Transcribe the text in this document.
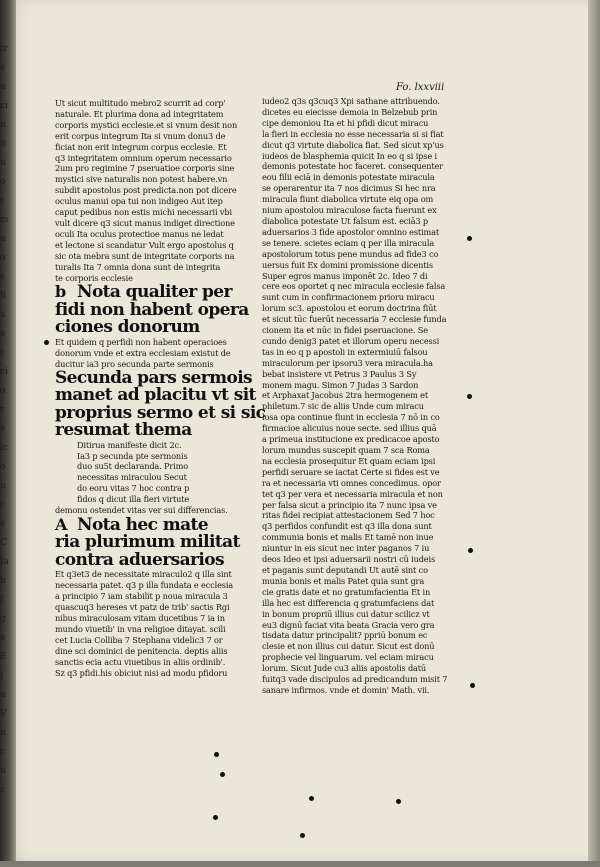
tr
e
n
ci
n
it
u
o
r
m
n
o
s
fi
a
e
r
ci
o
r
e
ic
o
u
c
e
C
fa
b
f
g
e
E
l
n
V
n
c
u
c
Fo. lxxviii
Ut sicut multitudo mebro2 scurrit ad corp'
naturale. Et plurima dona ad integritatem
corporis mystici ecclesie.et si vnum desit non
erit corpus integrum Ita si vnum donu3 de
ficiat non erit integrum corpus ecclesie. Et
q3 integritatem omnium operum necessario
2um pro regimine 7 pseruatioe corporis sine
mystici sive naturalis non potest habere.vn
subdit apostolus post predicta.non pot dicere
oculus manui opa tui non indigeo Aut itep
caput pedibus non estis michi necessarii vbi
vult dicere q3 sicut manus indiget directione
oculi Ita oculus protectioe manus ne ledat
et lectone si scandatur Vult ergo apostolus q
sic ota mebra sunt de integritate corporis na
turalis Ita 7 omnia dona sunt de integrita
te corporis ecclesie
b Nota qualiter per
fidi non habent opera
ciones donorum
Et quidem q perfidi non habent operacioes
donorum vnde et extra ecclesiam existut de
ducitur ia3 pro secunda parte sermonis
Secunda pars sermois
manet ad placitu vt sit
proprius sermo et si sic
resumat thema
Ditirua manifeste dicit 2c.
Ia3 p secunda pte sermonis
duo su5t declaranda. Primo
necessitas miraculou Secut
do eoru vitas 7 hoc contra p
fidos q dicut illa fieri virtute
demonu ostendet vitas ver sui differencias.
A Nota hec mate
ria plurimum militat
contra aduersarios
Et q3et3 de necessitate miraculo2 q illa sint
necessaria patet. q3 p illa fundata e ecclesia
a principio 7 iam stabilit p noua miracula 3
quascuq3 hereses vt patz de trib' sactis Rgi
nibus miraculosam vitam ducetibus 7 ia in
mundo viuetib' in vna religioe ditayat. scili
cet Lucia Colliba 7 Stephana videlic3 7 or
dine sci dominici de penitencia. deptis aliis
sanctis ecia actu viuetibus in aliis ordinib'.
Sz q3 pfidi.his obiciut nisi ad modu pfidoru
iudeo2 q3s q3cuq3 Xpi sathane attribuendo.
dicetes eu eiecisse demoia in Belzebub prin
cipe demoniou Ita et hi pfidi dicut miracu
la fieri in ecclesia no esse necessaria si si fiat
dicut q3 virtute diabolica fiat. Sed sicut xp'us
iudeos de blasphemia quicit In eo q si ipse i
demonis potestate hoc faceret. consequenter
eou filii eciā in demonis potestate miracula
se operarentur ita 7 nos dicimus Si hec nra
miracula fiunt diabolica virtute eiq opa om
nium apostolou miraculose facta fuerunt ex
diabolica potestate Ut falsum est. eciā3 p
aduersarios 3 fide apostolor omnino estimat
se tenere. scietes eciam q per illa miracula
apostolorum totus pene mundus ad fide3 co
uersus fuit Ex domini promissione dicentis
Super egros manus imponēt 2c. Ideo 7 di
cere eos oportet q nec miracula ecclesie falsa
sunt cum in confirmacionem prioru miracu
lorum sc3. apostolou et eorum doctrina fiūt
et sicut tūc fuerūt necessaria 7 ecclesie funda
cionem ita et nūc in fidei pseruacione. Se
cundo denig3 patet et illorum operu necessi
tas in eo q p apostoli in extermiuiū falsou
miraculorum per ipsoru3 vera miracula.ha
bebat insistere vt Petrus 3 Paulus 3 Sy
monem magu. Simon 7 Judas 3 Sardon
et Arphaxat Jacobus 2tra hermogenem et
philetum.7 sic de aliis Unde cum miracu
losa opa continue fiunt in ecclesia 7 nō in co
firmacioe alicuius noue secte. sed illius quā
a primeua institucione ex predicacoe aposto
lorum mundus suscepit quam 7 sca Roma
na ecclesia prosequitur Et quam eciam ipsi
perfidi seruare se iactat Certe si fides est ve
ra et necessaria vti omnes concedimus. opor
tet q3 per vera et necessaria miracula et non
per falsa sicut a principio ita 7 nunc ipsa ve
ritas fidei recipiat attestacionem Sed 7 hoc
q3 perfidos confundit est q3 illa dona sunt
communia bonis et malis Et tamē non inue
niuntur in eis sicut nec inter paganos 7 iu
deos Ideo et ipsi aduersarii nostri cū iudeis
et paganis sunt deputandi Ut autē sint co
munia bonis et malis Patet quia sunt gra
cie gratis date et no gratumfacientia Et in
illa hec est differencia q gratumfaciens dat
in bonum propriū illius cui datur scilicz vt
eu3 dignū faciat vita beata Gracia vero gra
tisdata datur principalit? ppriū bonum ec
clesie et non illius cui datur. Sicut est donū
prophecie vel linguarum. vel eciam miracu
lorum. Sicut Jude cu3 aliis apostolis datū
fuitq3 vade discipulos ad predicandum misit 7
sanare infirmos. vnde et domin' Math. vii.
